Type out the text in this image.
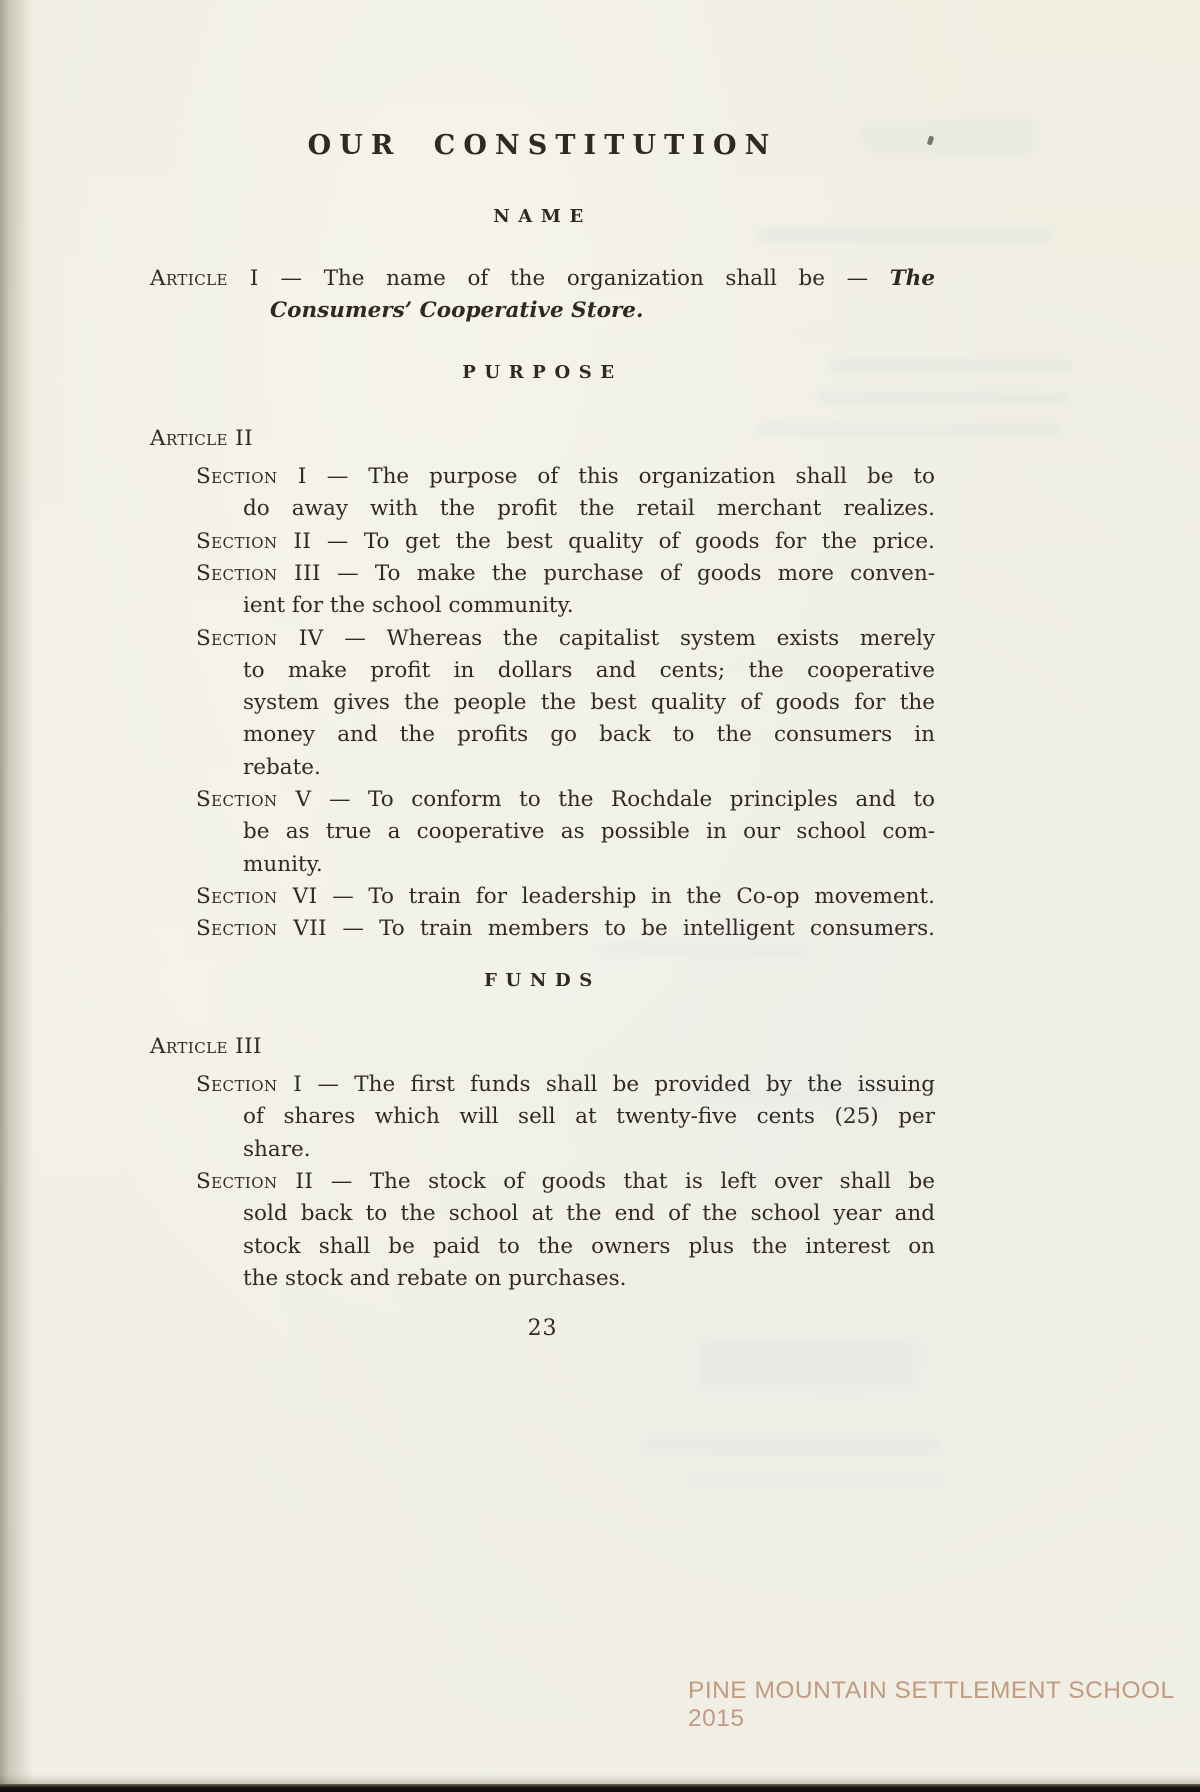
OUR CONSTITUTION
NAME
PURPOSE
FUNDS
Article I — The name of the organization shall be — The
Consumers’ Cooperative Store.
Article II
Section I — The purpose of this organization shall be to
do away with the profit the retail merchant realizes.
Section II — To get the best quality of goods for the price.
Section III — To make the purchase of goods more conven-
ient for the school community.
Section IV — Whereas the capitalist system exists merely
to make profit in dollars and cents; the cooperative
system gives the people the best quality of goods for the
money and the profits go back to the consumers in
rebate.
Section V — To conform to the Rochdale principles and to
be as true a cooperative as possible in our school com-
munity.
Section VI — To train for leadership in the Co-op movement.
Section VII — To train members to be intelligent consumers.
Article III
Section I — The first funds shall be provided by the issuing
of shares which will sell at twenty-five cents (25) per
share.
Section II — The stock of goods that is left over shall be
sold back to the school at the end of the school year and
stock shall be paid to the owners plus the interest on
the stock and rebate on purchases.
23
PINE MOUNTAIN SETTLEMENT SCHOOL 2015
